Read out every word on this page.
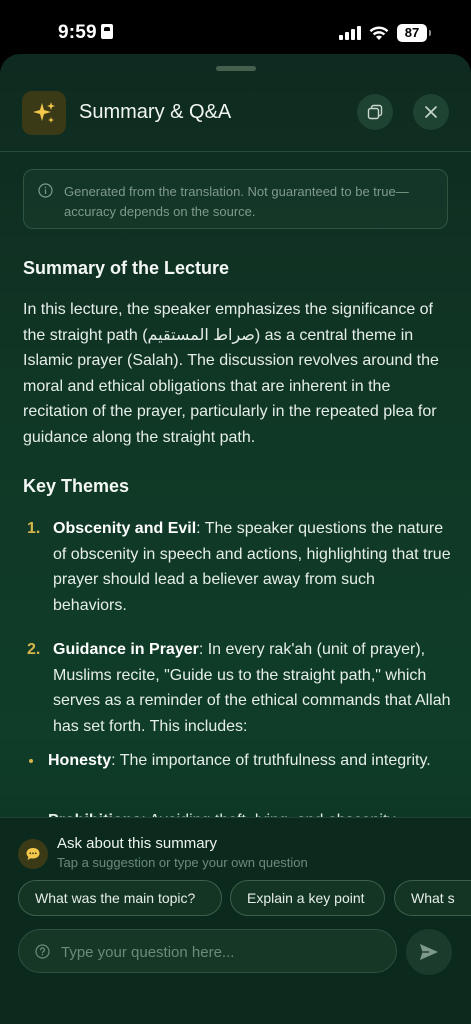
9:59	87
Summary & Q&A
Generated from the translation. Not guaranteed to be true—accuracy depends on the source.
Summary of the Lecture
In this lecture, the speaker emphasizes the significance of the straight path (صراط المستقيم) as a central theme in Islamic prayer (Salah). The discussion revolves around the moral and ethical obligations that are inherent in the recitation of the prayer, particularly in the repeated plea for guidance along the straight path.
Key Themes
1. Obscenity and Evil: The speaker questions the nature of obscenity in speech and actions, highlighting that true prayer should lead a believer away from such behaviors.
2. Guidance in Prayer: In every rak'ah (unit of prayer), Muslims recite, "Guide us to the straight path," which serves as a reminder of the ethical commands that Allah has set forth. This includes:
Honesty: The importance of truthfulness and integrity.
Ask about this summary
Tap a suggestion or type your own question
What was the main topic?	Explain a key point	What s
Type your question here...
